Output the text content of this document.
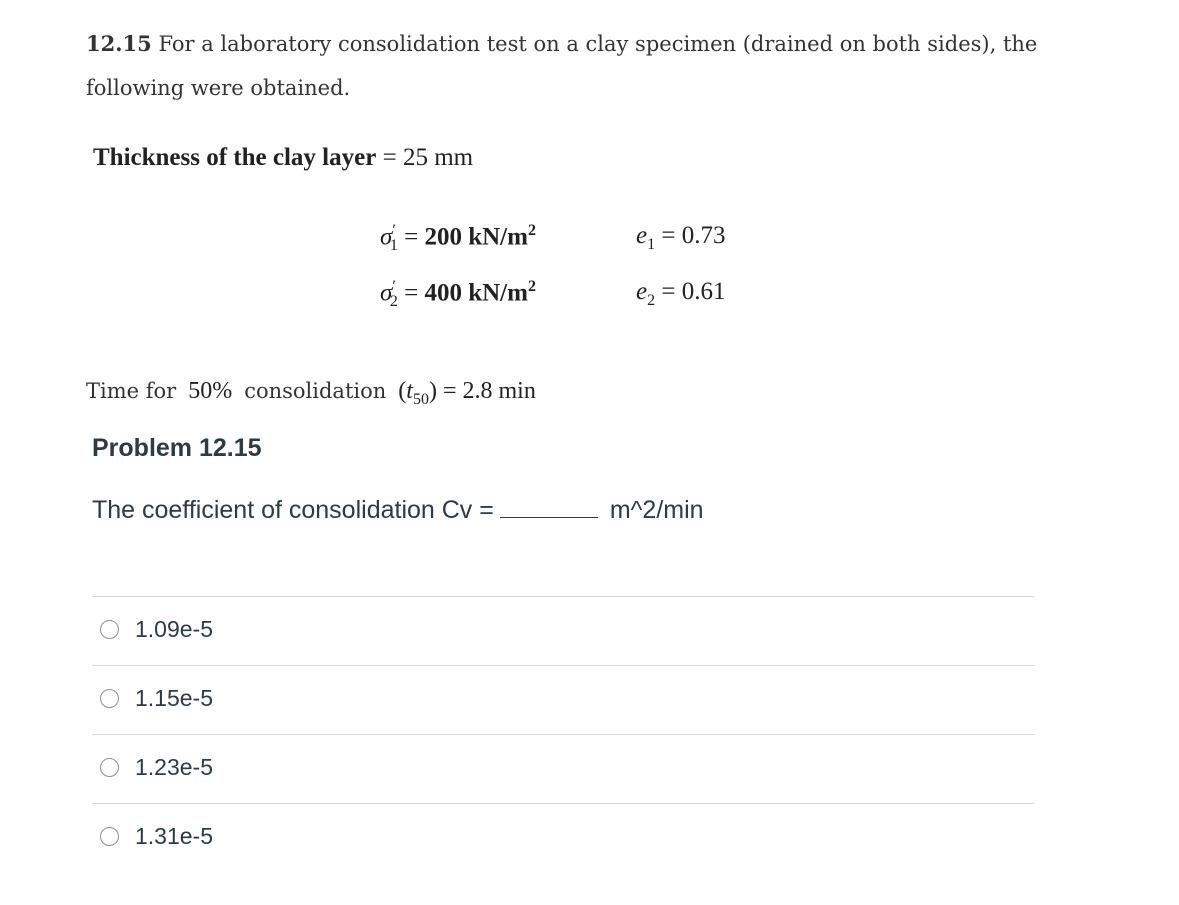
12.15 For a laboratory consolidation test on a clay specimen (drained on both sides), the following were obtained.
Thickness of the clay layer = 25 mm
$\sigma'_1 = 200$ $kN/m^2$
$\sigma'_2 = 400$ $kN/m^2$
$e_1 = 0.73$
$e_2 = 0.61$
Time for 50% consolidation $(t_{50}) = 2.8$ min
Problem 12.15
The coefficient of consolidation Cv =	m^2/min
1.09e-5
1.15e-5
1.23e-5
1.31e-5
